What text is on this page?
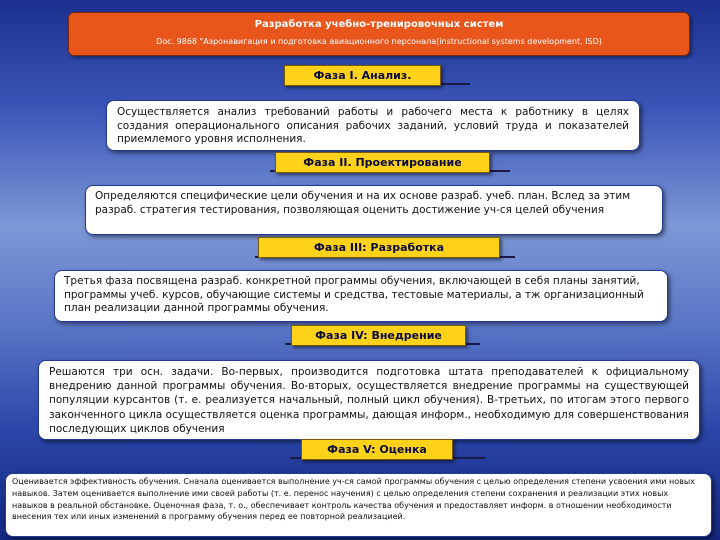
Разработка учебно-тренировочных систем
Doc. 9868 "Аэронавигация и подготовка авиационного персонала(instructional systems development, ISD)
Фаза I. Анализ.
Осуществляется анализ требований работы и рабочего места к работнику в целях создания операционального описания рабочих заданий, условий труда и показателей приемлемого уровня исполнения.
Фаза II. Проектирование
Определяются специфические цели обучения и на их основе разраб. учеб. план. Вслед за этим разраб. стратегия тестирования, позволяющая оценить достижение уч-ся целей обучения
Фаза III: Разработка
Третья фаза посвящена разраб. конкретной программы обучения, включающей в себя планы занятий, программы учеб. курсов, обучающие системы и средства, тестовые материалы, а тж организационный план реализации данной программы обучения.
Фаза IV: Внедрение
Решаются три осн. задачи. Во-первых, производится подготовка штата преподавателей к официальному внедрению данной программы обучения. Во-вторых, осуществляется внедрение программы на существующей популяции курсантов (т. е. реализуется начальный, полный цикл обучения). В-третьих, по итогам этого первого законченного цикла осуществляется оценка программы, дающая информ., необходимую для совершенствования последующих циклов обучения
Фаза V: Оценка
Оценивается эффективность обучения. Сначала оценивается выполнение уч-ся самой программы обучения с целью определения степени усвоения ими новых навыков. Затем оценивается выполнение ими своей работы (т. е. перенос научения) с целью определения степени сохранения и реализации этих новых навыков в реальной обстановке. Оценочная фаза, т. о., обеспечивает контроль качества обучения и предоставляет информ. в отношении необходимости внесения тех или иных изменений в программу обучения перед ее повторной реализацией.
